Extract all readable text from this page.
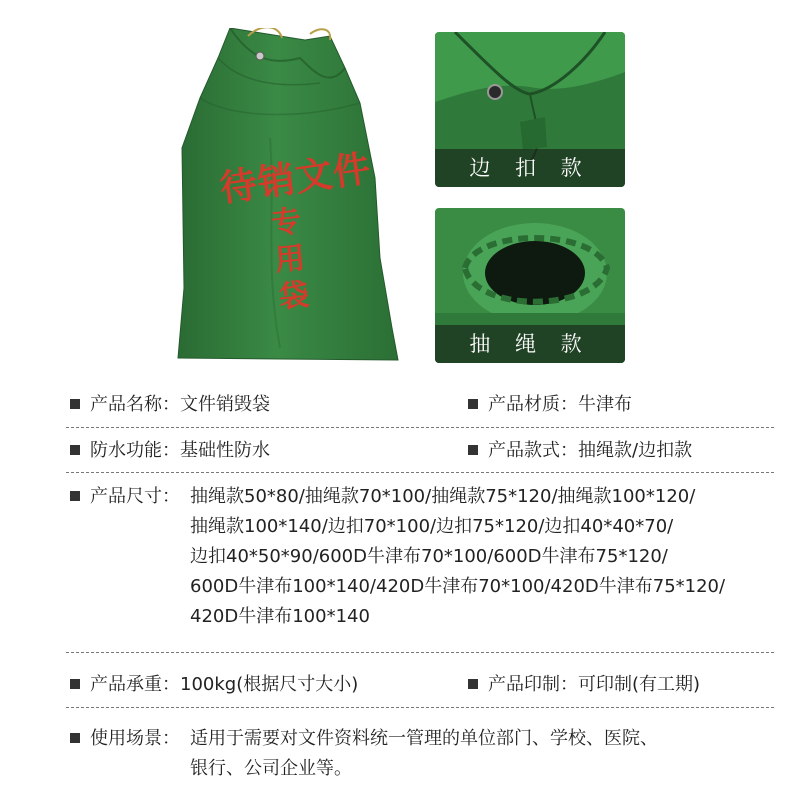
待销文件
专用袋
边 扣 款
抽 绳 款
产品名称： 文件销毁袋	产品材质： 牛津布
防水功能： 基础性防水	产品款式： 抽绳款/边扣款
产品尺寸： 抽绳款50*80/抽绳款70*100/抽绳款75*120/抽绳款100*120/
抽绳款100*140/边扣70*100/边扣75*120/边扣40*40*70/
边扣40*50*90/600D牛津布70*100/600D牛津布75*120/
600D牛津布100*140/420D牛津布70*100/420D牛津布75*120/
420D牛津布100*140
产品承重： 100kg(根据尺寸大小)	产品印制： 可印制(有工期)
使用场景： 适用于需要对文件资料统一管理的单位部门、学校、医院、
银行、公司企业等。
